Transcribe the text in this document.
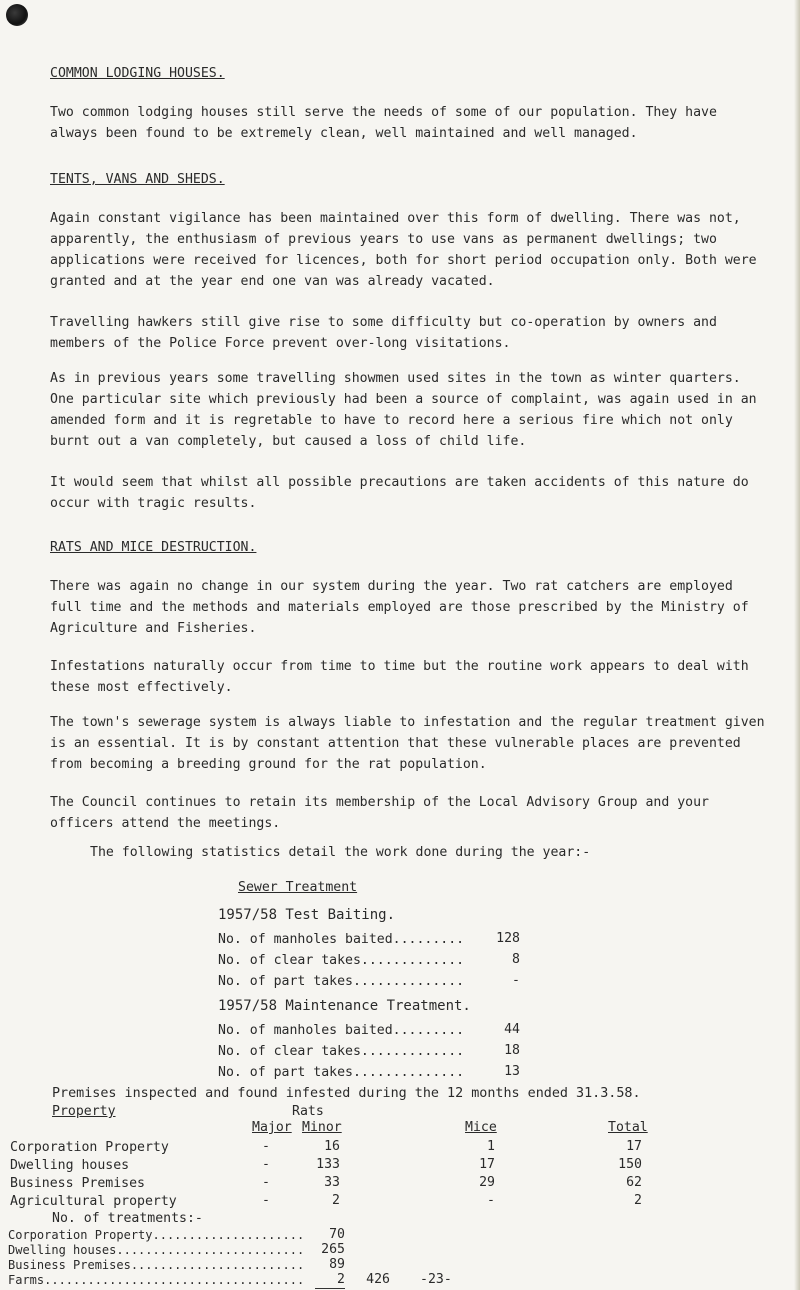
COMMON LODGING HOUSES.
Two common lodging houses still serve the needs of some of our population. They have always been found to be extremely clean, well maintained and well managed.
TENTS, VANS AND SHEDS.
Again constant vigilance has been maintained over this form of dwelling. There was not, apparently, the enthusiasm of previous years to use vans as permanent dwellings; two applications were received for licences, both for short period occupation only. Both were granted and at the year end one van was already vacated.
Travelling hawkers still give rise to some difficulty but co-operation by owners and members of the Police Force prevent over-long visitations.
As in previous years some travelling showmen used sites in the town as winter quarters. One particular site which previously had been a source of complaint, was again used in an amended form and it is regretable to have to record here a serious fire which not only burnt out a van completely, but caused a loss of child life.
It would seem that whilst all possible precautions are taken accidents of this nature do occur with tragic results.
RATS AND MICE DESTRUCTION.
There was again no change in our system during the year. Two rat catchers are employed full time and the methods and materials employed are those prescribed by the Ministry of Agriculture and Fisheries.
Infestations naturally occur from time to time but the routine work appears to deal with these most effectively.
The town's sewerage system is always liable to infestation and the regular treatment given is an essential. It is by constant attention that these vulnerable places are prevented from becoming a breeding ground for the rat population.
The Council continues to retain its membership of the Local Advisory Group and your officers attend the meetings.
The following statistics detail the work done during the year:-
Sewer Treatment
1957/58 Test Baiting.
No. of manholes baited.........	128
No. of clear takes.............	8
No. of part takes..............	-
1957/58 Maintenance Treatment.
No. of manholes baited.........	44
No. of clear takes.............	18
No. of part takes..............	13
Premises inspected and found infested during the 12 months ended 31.3.58.
Property	Rats
Major Minor	Mice	Total
Corporation Property	-	16	1	17
Dwelling houses	-	133	17	150
Business Premises	-	33	29	62
Agricultural property	-	2	-	2
No. of treatments:-
Corporation Property.....................	70
Dwelling houses..........................	265
Business Premises........................	89
Farms....................................	2	426 -23-
